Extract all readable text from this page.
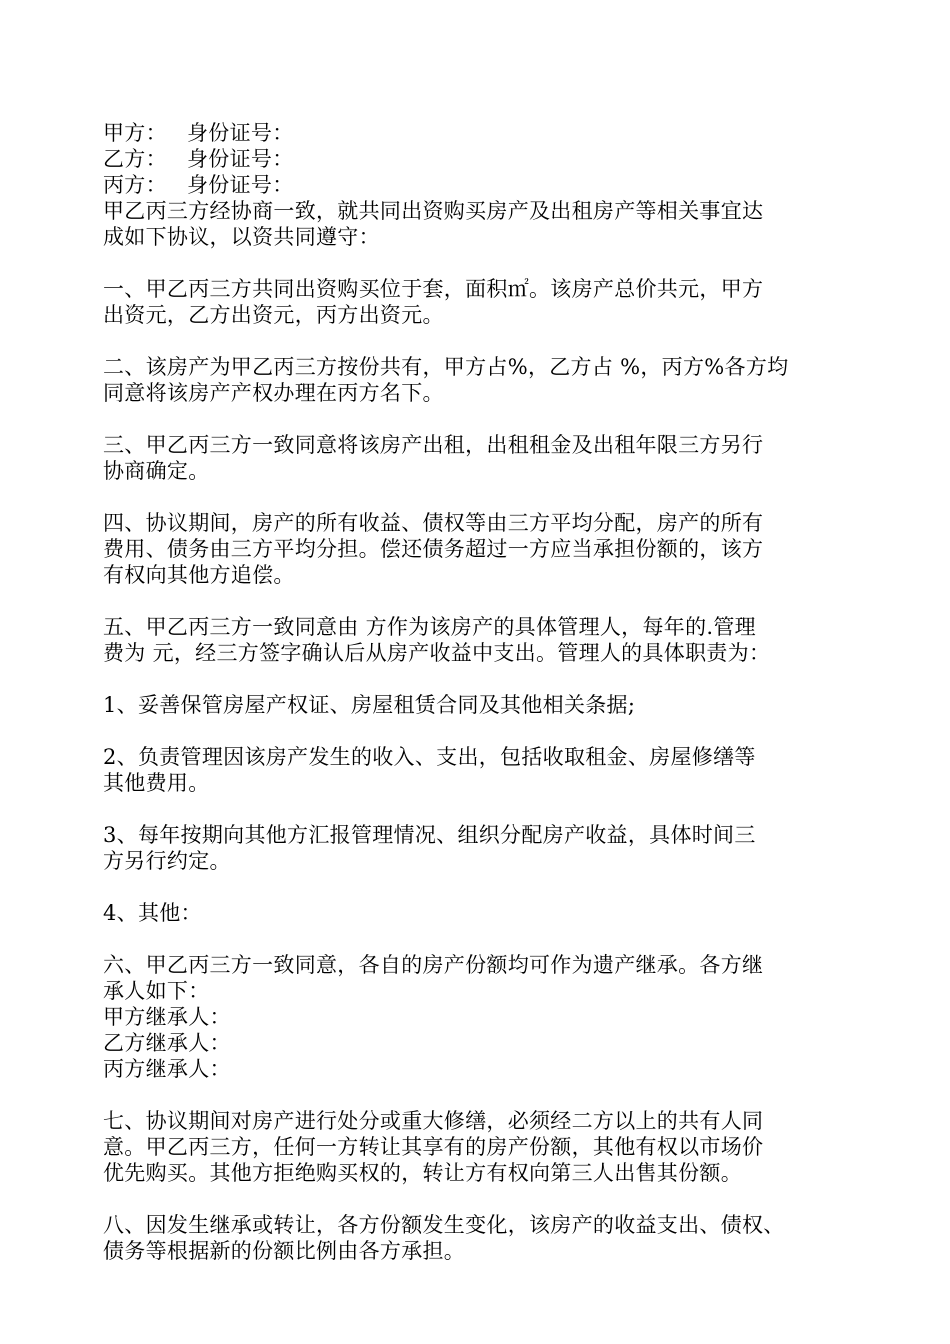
甲方： 身份证号：
乙方： 身份证号：
丙方： 身份证号：
甲乙丙三方经协商一致，就共同出资购买房产及出租房产等相关事宜达
成如下协议，以资共同遵守：
一、甲乙丙三方共同出资购买位于套，面积㎡。该房产总价共元，甲方
出资元，乙方出资元，丙方出资元。
二、该房产为甲乙丙三方按份共有，甲方占%，乙方占 %，丙方%各方均
同意将该房产产权办理在丙方名下。
三、甲乙丙三方一致同意将该房产出租，出租租金及出租年限三方另行
协商确定。
四、协议期间，房产的所有收益、债权等由三方平均分配，房产的所有
费用、债务由三方平均分担。偿还债务超过一方应当承担份额的，该方
有权向其他方追偿。
五、甲乙丙三方一致同意由 方作为该房产的具体管理人，每年的.管理
费为 元，经三方签字确认后从房产收益中支出。管理人的具体职责为：
1、妥善保管房屋产权证、房屋租赁合同及其他相关条据;
2、负责管理因该房产发生的收入、支出，包括收取租金、房屋修缮等
其他费用。
3、每年按期向其他方汇报管理情况、组织分配房产收益，具体时间三
方另行约定。
4、其他：
六、甲乙丙三方一致同意，各自的房产份额均可作为遗产继承。各方继
承人如下：
甲方继承人：
乙方继承人：
丙方继承人：
七、协议期间对房产进行处分或重大修缮，必须经二方以上的共有人同
意。甲乙丙三方，任何一方转让其享有的房产份额，其他有权以市场价
优先购买。其他方拒绝购买权的，转让方有权向第三人出售其份额。
八、因发生继承或转让，各方份额发生变化，该房产的收益支出、债权、
债务等根据新的份额比例由各方承担。
